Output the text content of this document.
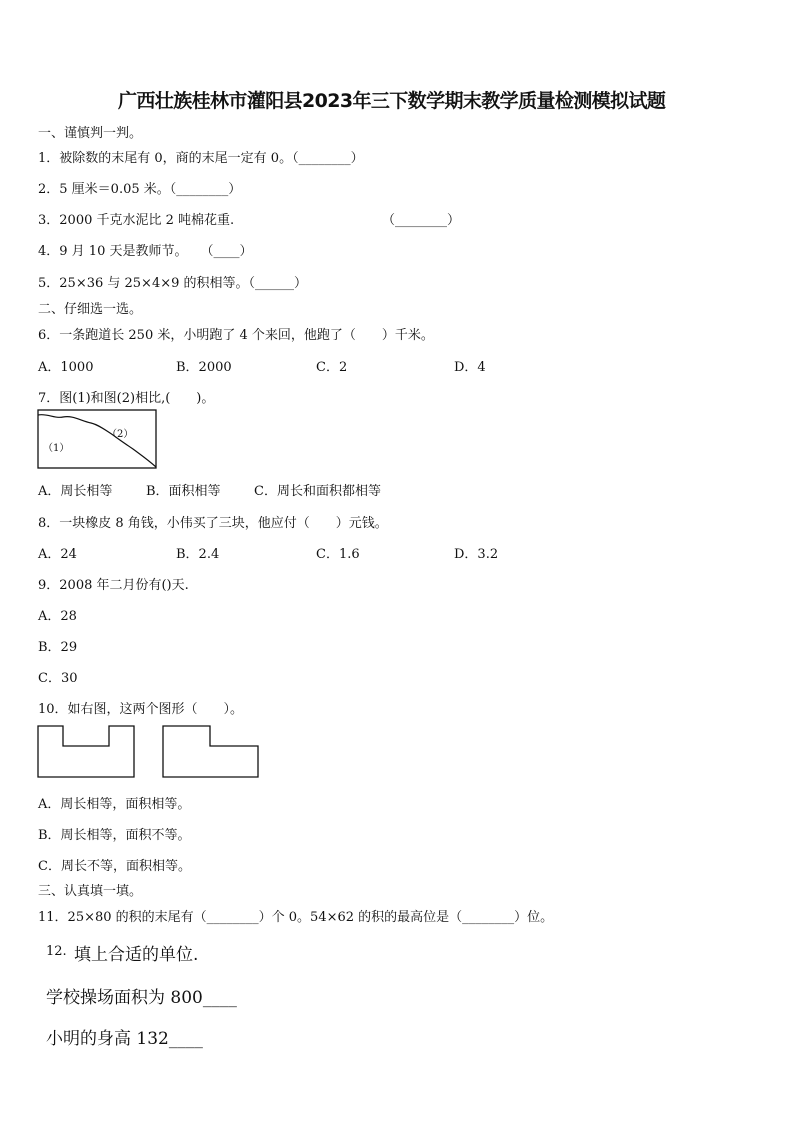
广西壮族桂林市灌阳县2023年三下数学期末教学质量检测模拟试题
一、谨慎判一判。
1．被除数的末尾有 0，商的末尾一定有 0。（________）
2．5 厘米＝0.05 米。（________）
3．2000 千克水泥比 2 吨棉花重.	（________）
4．9 月 10 天是教师节。　　（____）
5．25×36 与 25×4×9 的积相等。（______）
二、仔细选一选。
6．一条跑道长 250 米，小明跑了 4 个来回，他跑了（　　）千米。
A．1000	B．2000	C．2	D．4
7．图(1)和图(2)相比,(　　)。
（1）
（2）
A．周长相等	B．面积相等	C．周长和面积都相等
8．一块橡皮 8 角钱，小伟买了三块，他应付（　　）元钱。
A．24	B．2.4	C．1.6	D．3.2
9．2008 年二月份有()天.
A．28
B．29
C．30
10．如右图，这两个图形（　　）。
A．周长相等，面积相等。
B．周长相等，面积不等。
C．周长不等，面积相等。
三、认真填一填。
11．25×80 的积的末尾有（________）个 0。54×62 的积的最高位是（________）位。
12. 填上合适的单位.
学校操场面积为 800____
小明的身高 132____
